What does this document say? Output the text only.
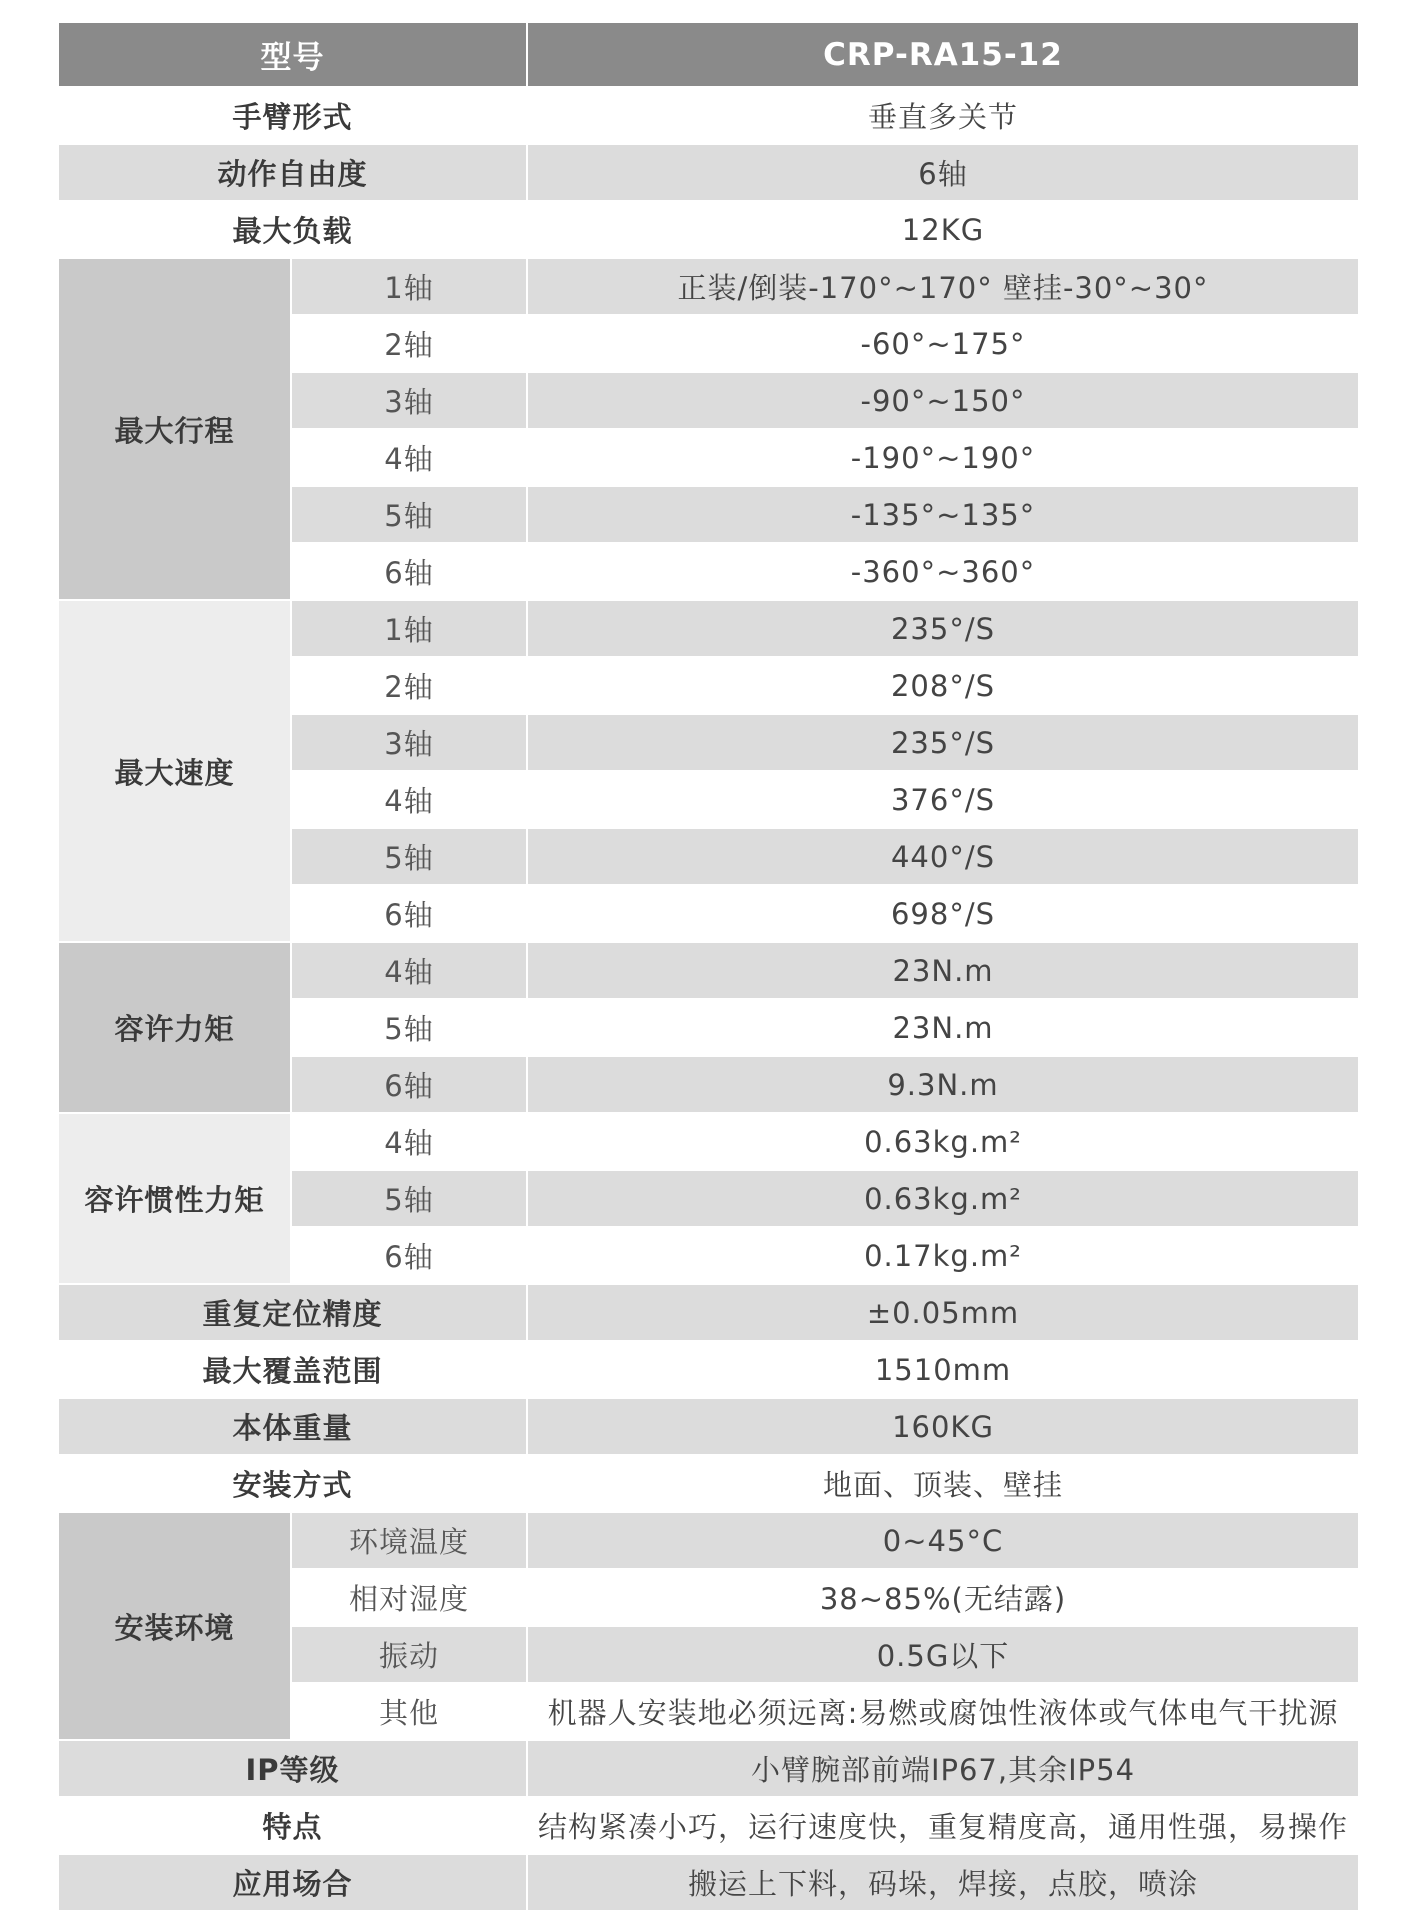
型号		CRP-RA15-12
手臂形式		垂直多关节
动作自由度		6轴
最大负载		12KG
最大行程	1轴	正装/倒装-170°~170° 壁挂-30°~30°
	2轴	-60°~175°
	3轴	-90°~150°
	4轴	-190°~190°
	5轴	-135°~135°
	6轴	-360°~360°
最大速度	1轴	235°/S
	2轴	208°/S
	3轴	235°/S
	4轴	376°/S
	5轴	440°/S
	6轴	698°/S
容许力矩	4轴	23N.m
	5轴	23N.m
	6轴	9.3N.m
容许惯性力矩	4轴	0.63kg.m²
	5轴	0.63kg.m²
	6轴	0.17kg.m²
重复定位精度		±0.05mm
最大覆盖范围		1510mm
本体重量		160KG
安装方式		地面、顶装、壁挂
安装环境	环境温度	0~45°C
	相对湿度	38~85%(无结露)
	振动	0.5G以下
	其他	机器人安装地必须远离:易燃或腐蚀性液体或气体电气干扰源
IP等级		小臂腕部前端IP67,其余IP54
特点		结构紧凑小巧，运行速度快，重复精度高，通用性强，易操作
应用场合		搬运上下料，码垛，焊接，点胶，喷涂
